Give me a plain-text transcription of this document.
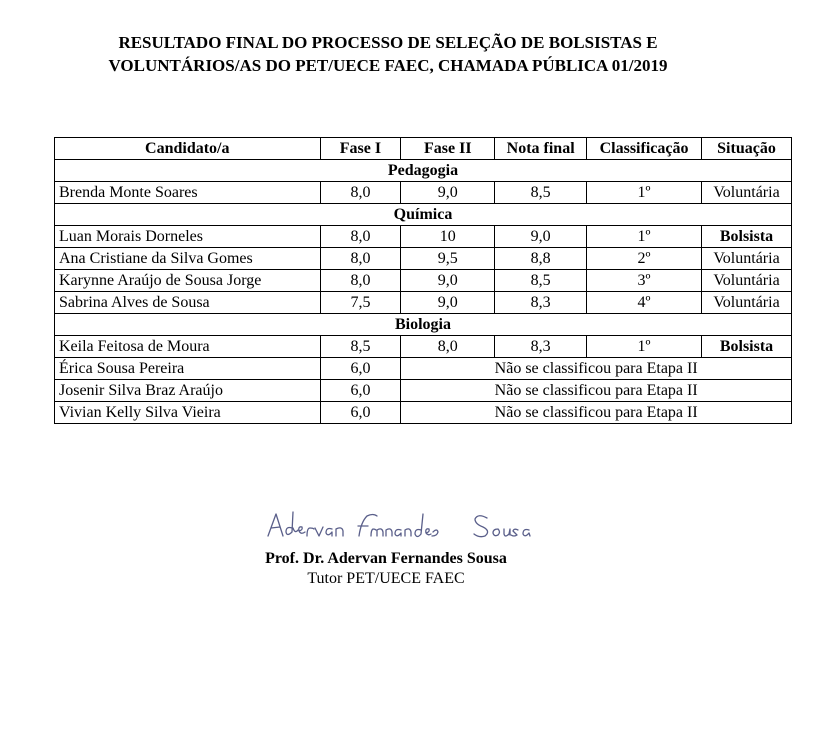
RESULTADO FINAL DO PROCESSO DE SELEÇÃO DE BOLSISTAS E
VOLUNTÁRIOS/AS DO PET/UECE FAEC, CHAMADA PÚBLICA 01/2019
Candidato/a	Fase I	Fase II	Nota final	Classificação	Situação
Pedagogia					
Brenda Monte Soares	8,0	9,0	8,5	1º	Voluntária
Química					
Luan Morais Dorneles	8,0	10	9,0	1º	Bolsista
Ana Cristiane da Silva Gomes	8,0	9,5	8,8	2º	Voluntária
Karynne Araújo de Sousa Jorge	8,0	9,0	8,5	3º	Voluntária
Sabrina Alves de Sousa	7,5	9,0	8,3	4º	Voluntária
Biologia					
Keila Feitosa de Moura	8,5	8,0	8,3	1º	Bolsista
Érica Sousa Pereira	6,0	Não se classificou para Etapa II			
Josenir Silva Braz Araújo	6,0	Não se classificou para Etapa II			
Vivian Kelly Silva Vieira	6,0	Não se classificou para Etapa II			
Prof. Dr. Adervan Fernandes Sousa
Tutor PET/UECE FAEC
